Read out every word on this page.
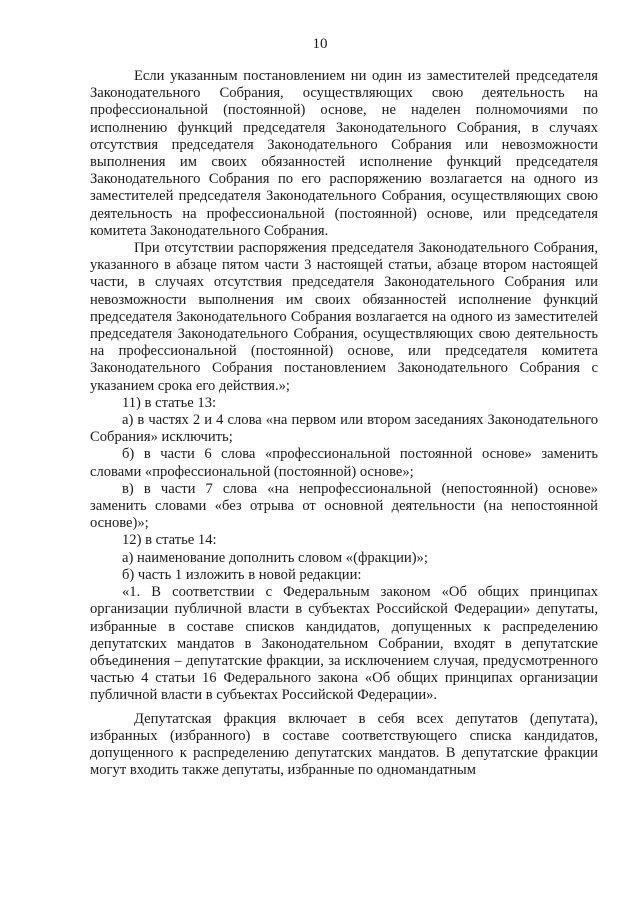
10

Если указанным постановлением ни один из заместителей председателя Законодательного Собрания, осуществляющих свою деятельность на профессиональной (постоянной) основе, не наделен полномочиями по исполнению функций председателя Законодательного Собрания, в случаях отсутствия председателя Законодательного Собрания или невозможности выполнения им своих обязанностей исполнение функций председателя Законодательного Собрания по его распоряжению возлагается на одного из заместителей председателя Законодательного Собрания, осуществляющих свою деятельность на профессиональной (постоянной) основе, или председателя комитета Законодательного Собрания.

При отсутствии распоряжения председателя Законодательного Собрания, указанного в абзаце пятом части 3 настоящей статьи, абзаце втором настоящей части, в случаях отсутствия председателя Законодательного Собрания или невозможности выполнения им своих обязанностей исполнение функций председателя Законодательного Собрания возлагается на одного из заместителей председателя Законодательного Собрания, осуществляющих свою деятельность на профессиональной (постоянной) основе, или председателя комитета Законодательного Собрания постановлением Законодательного Собрания с указанием срока его действия.»;

11) в статье 13:

а) в частях 2 и 4 слова «на первом или втором заседаниях Законодательного Собрания» исключить;

б) в части 6 слова «профессиональной постоянной основе» заменить словами «профессиональной (постоянной) основе»;

в) в части 7 слова «на непрофессиональной (непостоянной) основе» заменить словами «без отрыва от основной деятельности (на непостоянной основе)»;

12) в статье 14:

а) наименование дополнить словом «(фракции)»;

б) часть 1 изложить в новой редакции:

«1. В соответствии с Федеральным законом «Об общих принципах организации публичной власти в субъектах Российской Федерации» депутаты, избранные в составе списков кандидатов, допущенных к распределению депутатских мандатов в Законодательном Собрании, входят в депутатские объединения – депутатские фракции, за исключением случая, предусмотренного частью 4 статьи 16 Федерального закона «Об общих принципах организации публичной власти в субъектах Российской Федерации».

Депутатская фракция включает в себя всех депутатов (депутата), избранных (избранного) в составе соответствующего списка кандидатов, допущенного к распределению депутатских мандатов. В депутатские фракции могут входить также депутаты, избранные по одномандатным
